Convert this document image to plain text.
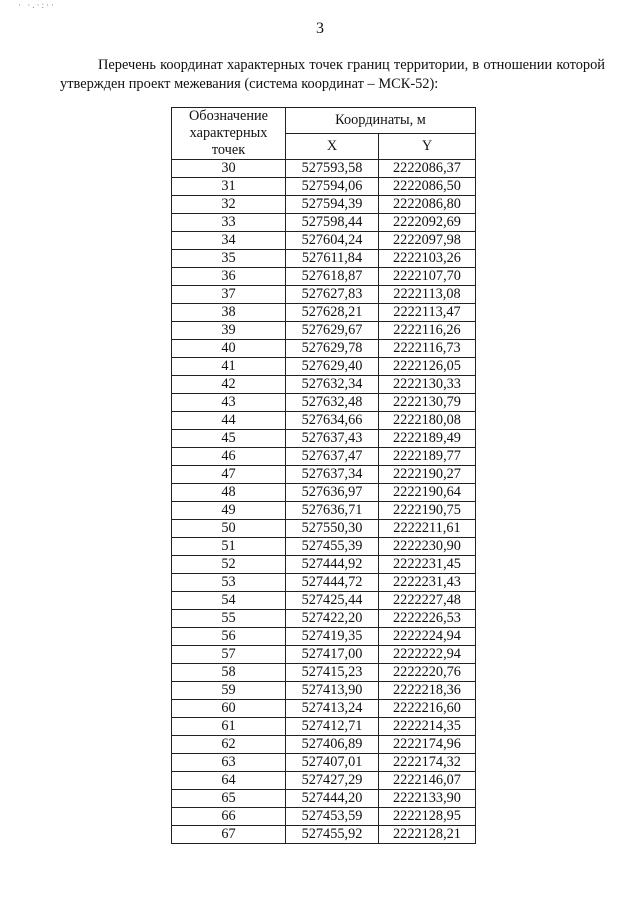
· ·.·:··
3
Перечень координат характерных точек границ территории, в отношении которой утвержден проект межевания (система координат – МСК-52):
Обозначение характерных точек	Координаты, м	
	X	Y
30	527593,58	2222086,37
31	527594,06	2222086,50
32	527594,39	2222086,80
33	527598,44	2222092,69
34	527604,24	2222097,98
35	527611,84	2222103,26
36	527618,87	2222107,70
37	527627,83	2222113,08
38	527628,21	2222113,47
39	527629,67	2222116,26
40	527629,78	2222116,73
41	527629,40	2222126,05
42	527632,34	2222130,33
43	527632,48	2222130,79
44	527634,66	2222180,08
45	527637,43	2222189,49
46	527637,47	2222189,77
47	527637,34	2222190,27
48	527636,97	2222190,64
49	527636,71	2222190,75
50	527550,30	2222211,61
51	527455,39	2222230,90
52	527444,92	2222231,45
53	527444,72	2222231,43
54	527425,44	2222227,48
55	527422,20	2222226,53
56	527419,35	2222224,94
57	527417,00	2222222,94
58	527415,23	2222220,76
59	527413,90	2222218,36
60	527413,24	2222216,60
61	527412,71	2222214,35
62	527406,89	2222174,96
63	527407,01	2222174,32
64	527427,29	2222146,07
65	527444,20	2222133,90
66	527453,59	2222128,95
67	527455,92	2222128,21
